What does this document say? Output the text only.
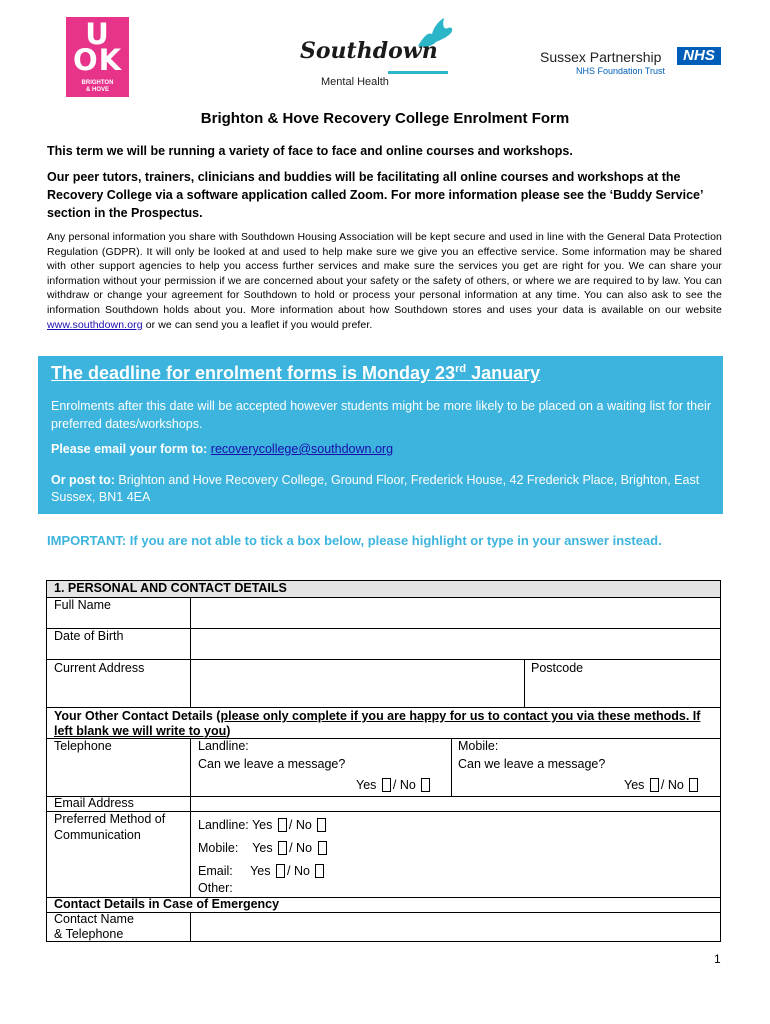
U
OK
BRIGHTON
& HOVE
Southdown
Mental Health
Sussex Partnership	NHS
NHS Foundation Trust
Brighton & Hove Recovery College Enrolment Form
This term we will be running a variety of face to face and online courses and workshops.
Our peer tutors, trainers, clinicians and buddies will be facilitating all online courses and workshops at the Recovery College via a software application called Zoom. For more information please see the ‘Buddy Service’ section in the Prospectus.
Any personal information you share with Southdown Housing Association will be kept secure and used in line with the General Data Protection Regulation (GDPR). It will only be looked at and used to help make sure we give you an effective service. Some information may be shared with other support agencies to help you access further services and make sure the services you get are right for you. We can share your information without your permission if we are concerned about your safety or the safety of others, or where we are required to by law. You can withdraw or change your agreement for Southdown to hold or process your personal information at any time. You can also ask to see the information Southdown holds about you. More information about how Southdown stores and uses your data is available on our website www.southdown.org or we can send you a leaflet if you would prefer.
The deadline for enrolment forms is Monday 23rd January
Enrolments after this date will be accepted however students might be more likely to be placed on a waiting list for their preferred dates/workshops.
Please email your form to: recoverycollege@southdown.org
Or post to: Brighton and Hove Recovery College, Ground Floor, Frederick House, 42 Frederick Place, Brighton, East Sussex, BN1 4EA
IMPORTANT: If you are not able to tick a box below, please highlight or type in your answer instead.
1. PERSONAL AND CONTACT DETAILS
Full Name
Date of Birth
Current Address	Postcode
Your Other Contact Details (please only complete if you are happy for us to contact you via these methods. If left blank we will write to you)
Telephone	Landline:
Can we leave a message?
Yes / No
Mobile:
Can we leave a message?
Yes / No
Email Address
Preferred Method of
Communication
Landline: Yes / No
Mobile: Yes / No
Email: Yes / No
Other:
Contact Details in Case of Emergency
Contact Name
& Telephone
1
